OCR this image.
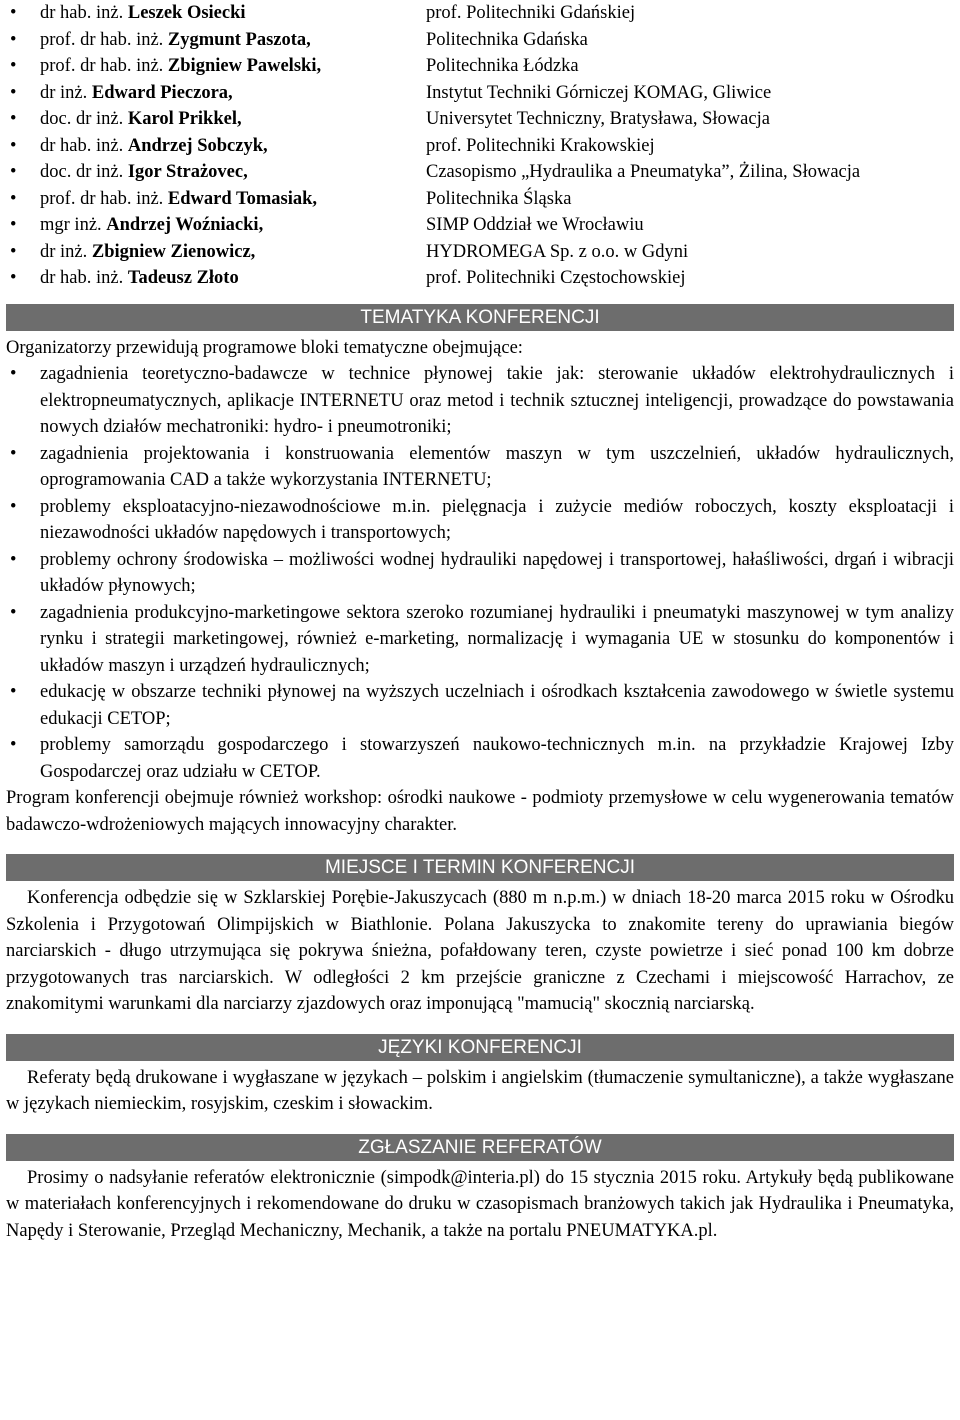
•	dr hab. inż. Leszek Osiecki	prof. Politechniki Gdańskiej
•	prof. dr hab. inż. Zygmunt Paszota,	Politechnika Gdańska
•	prof. dr hab. inż. Zbigniew Pawelski,	Politechnika Łódzka
•	dr inż. Edward Pieczora,	Instytut Techniki Górniczej KOMAG, Gliwice
•	doc. dr inż. Karol Prikkel,	Universytet Techniczny, Bratysława, Słowacja
•	dr hab. inż. Andrzej Sobczyk,	prof. Politechniki Krakowskiej
•	doc. dr inż. Igor Strażovec,	Czasopismo „Hydraulika a Pneumatyka”, Żilina, Słowacja
•	prof. dr hab. inż. Edward Tomasiak,	Politechnika Śląska
•	mgr inż. Andrzej Woźniacki,	SIMP Oddział we Wrocławiu
•	dr inż. Zbigniew Zienowicz,	HYDROMEGA Sp. z o.o. w Gdyni
•	dr hab. inż. Tadeusz Złoto	prof. Politechniki Częstochowskiej
TEMATYKA KONFERENCJI

Organizatorzy przewidują programowe bloki tematyczne obejmujące:

•	zagadnienia teoretyczno-badawcze w technice płynowej takie jak: sterowanie układów elektrohydraulicznych i elektropneumatycznych, aplikacje INTERNETU oraz metod i technik sztucznej inteligencji, prowadzące do powstawania nowych działów mechatroniki: hydro- i pneumotroniki;
•	zagadnienia projektowania i konstruowania elementów maszyn w tym uszczelnień, układów hydraulicznych, oprogramowania CAD a także wykorzystania INTERNETU;
•	problemy eksploatacyjno-niezawodnościowe m.in. pielęgnacja i zużycie mediów roboczych, koszty eksploatacji i niezawodności układów napędowych i transportowych;
•	problemy ochrony środowiska – możliwości wodnej hydrauliki napędowej i transportowej, hałaśliwości, drgań i wibracji układów płynowych;
•	zagadnienia produkcyjno-marketingowe sektora szeroko rozumianej hydrauliki i pneumatyki maszynowej w tym analizy rynku i strategii marketingowej, również e-marketing, normalizację i wymagania UE w stosunku do komponentów i układów maszyn i urządzeń hydraulicznych;
•	edukację w obszarze techniki płynowej na wyższych uczelniach i ośrodkach kształcenia zawodowego w świetle systemu edukacji CETOP;
•	problemy samorządu gospodarczego i stowarzyszeń naukowo-technicznych m.in. na przykładzie Krajowej Izby Gospodarczej oraz udziału w CETOP.

Program konferencji obejmuje również workshop: ośrodki naukowe - podmioty przemysłowe w celu wygenerowania tematów badawczo-wdrożeniowych mających innowacyjny charakter.

MIEJSCE I TERMIN KONFERENCJI

Konferencja odbędzie się w Szklarskiej Porębie-Jakuszycach (880 m n.p.m.) w dniach 18-20 marca 2015 roku w Ośrodku Szkolenia i Przygotowań Olimpijskich w Biathlonie. Polana Jakuszycka to znakomite tereny do uprawiania biegów narciarskich - długo utrzymująca się pokrywa śnieżna, pofałdowany teren, czyste powietrze i sieć ponad 100 km dobrze przygotowanych tras narciarskich. W odległości 2 km przejście graniczne z Czechami i miejscowość Harrachov, ze znakomitymi warunkami dla narciarzy zjazdowych oraz imponującą "mamucią" skocznią narciarską.

JĘZYKI KONFERENCJI

Referaty będą drukowane i wygłaszane w językach – polskim i angielskim (tłumaczenie symultaniczne), a także wygłaszane w językach niemieckim, rosyjskim, czeskim i słowackim.

ZGŁASZANIE REFERATÓW

Prosimy o nadsyłanie referatów elektronicznie (simpodk@interia.pl) do 15 stycznia 2015 roku. Artykuły będą publikowane w materiałach konferencyjnych i rekomendowane do druku w czasopismach branżowych takich jak Hydraulika i Pneumatyka, Napędy i Sterowanie, Przegląd Mechaniczny, Mechanik, a także na portalu PNEUMATYKA.pl.
